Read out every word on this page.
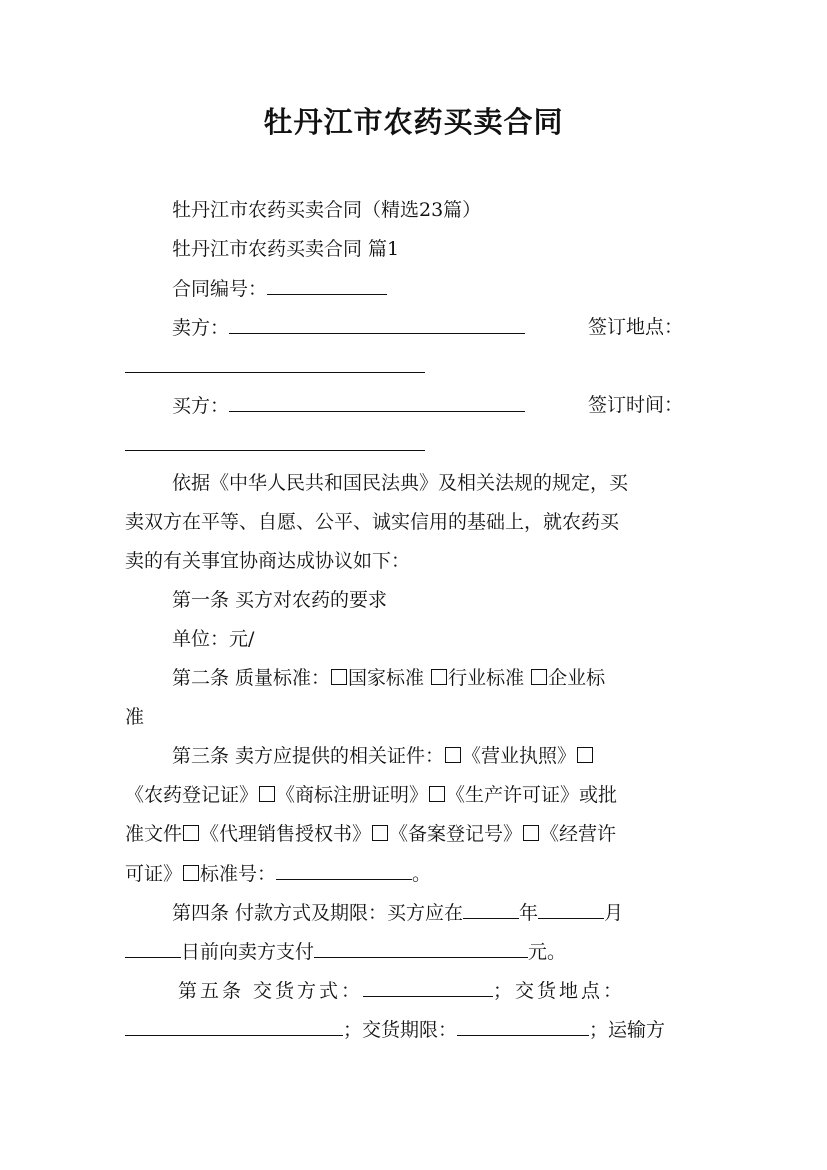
牡丹江市农药买卖合同
牡丹江市农药买卖合同（精选23篇）
牡丹江市农药买卖合同 篇1
合同编号：
卖方：	签订地点：
买方：	签订时间：
依据《中华人民共和国民法典》及相关法规的规定，买
卖双方在平等、自愿、公平、诚实信用的基础上，就农药买
卖的有关事宜协商达成协议如下：
第一条 买方对农药的要求
单位：元/
第二条 质量标准： 国家标准 行业标准 企业标
准
第三条 卖方应提供的相关证件： 《营业执照》
《农药登记证》 《商标注册证明》 《生产许可证》或批
准文件 《代理销售授权书》 《备案登记号》 《经营许
可证》 标准号：	。
第四条 付款方式及期限：买方应在	年	月
日前向卖方支付	元。
第五条 交货方式：	；交货地点：
；交货期限：	；运输方
